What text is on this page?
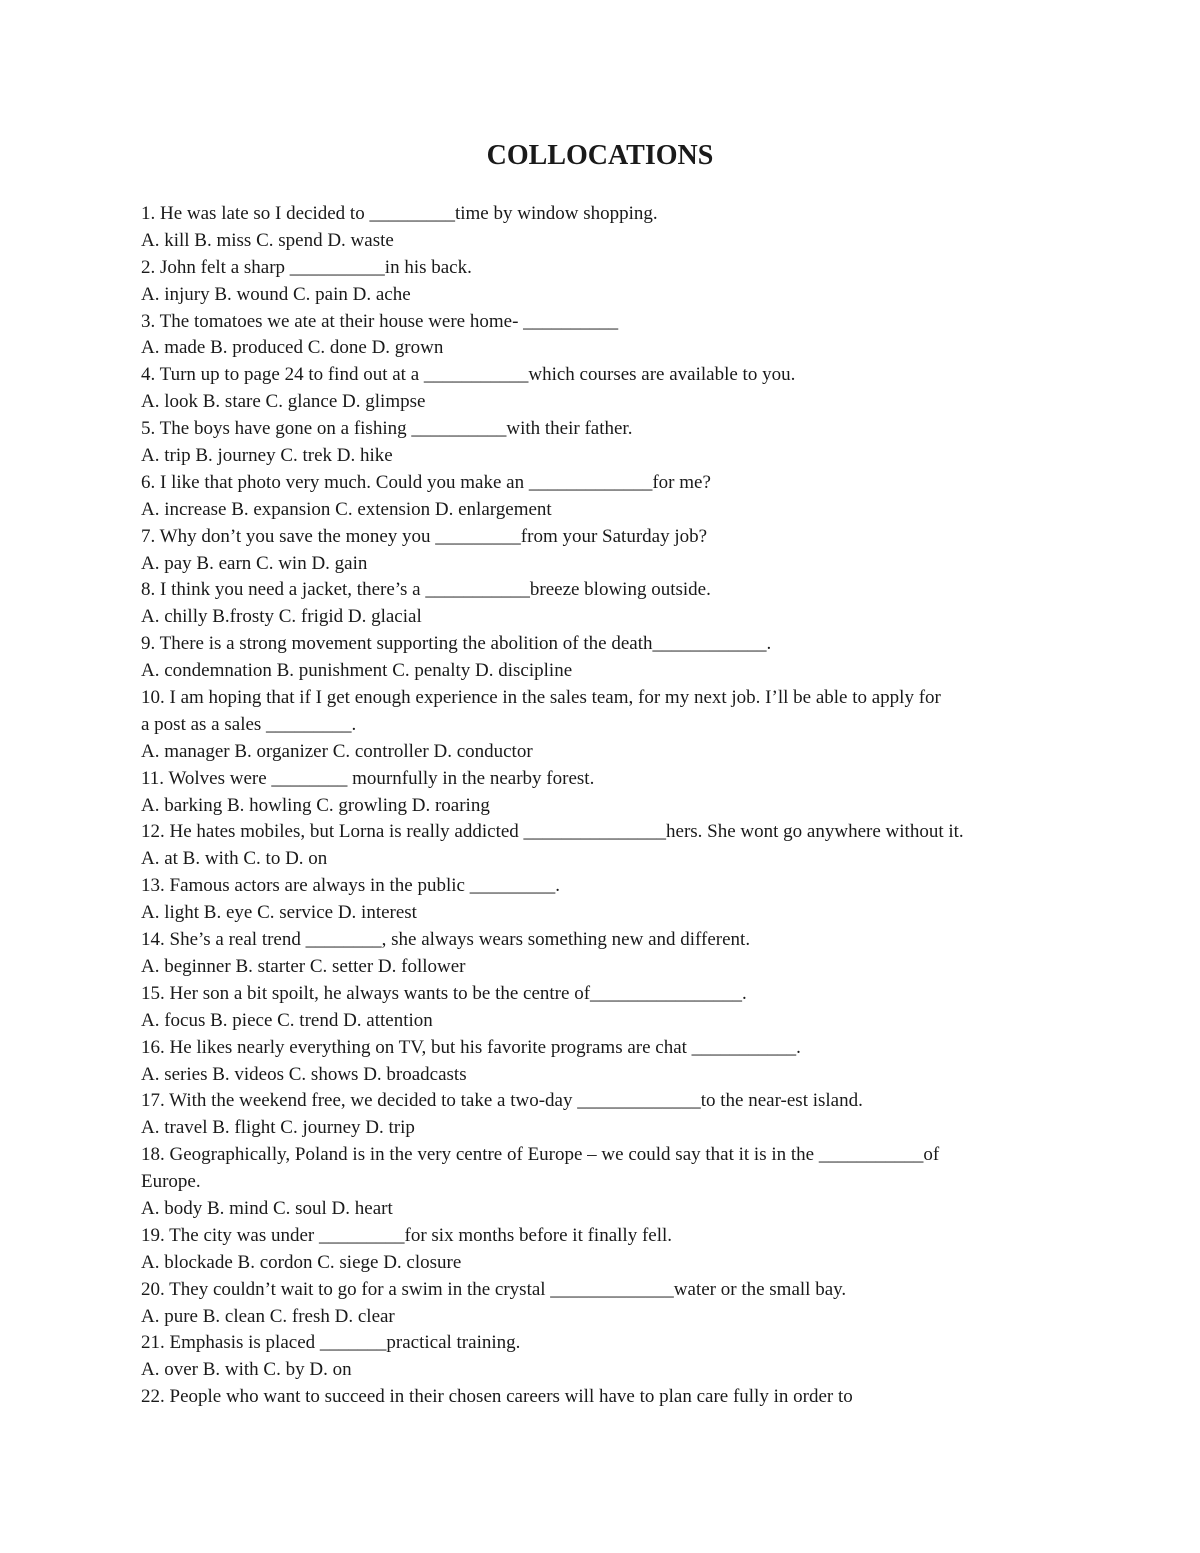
COLLOCATIONS
1. He was late so I decided to _________time by window shopping.
A. kill B. miss C. spend D. waste
2. John felt a sharp __________in his back.
A. injury B. wound C. pain D. ache
3. The tomatoes we ate at their house were home- __________
A. made B. produced C. done D. grown
4. Turn up to page 24 to find out at a ___________which courses are available to you.
A. look B. stare C. glance D. glimpse
5. The boys have gone on a fishing __________with their father.
A. trip B. journey C. trek D. hike
6. I like that photo very much. Could you make an _____________for me?
A. increase B. expansion C. extension D. enlargement
7. Why don’t you save the money you _________from your Saturday job?
A. pay B. earn C. win D. gain
8. I think you need a jacket, there’s a ___________breeze blowing outside.
A. chilly B.frosty C. frigid D. glacial
9. There is a strong movement supporting the abolition of the death____________.
A. condemnation B. punishment C. penalty D. discipline
10. I am hoping that if I get enough experience in the sales team, for my next job. I’ll be able to apply for
a post as a sales _________.
A. manager B. organizer C. controller D. conductor
11. Wolves were ________ mournfully in the nearby forest.
A. barking B. howling C. growling D. roaring
12. He hates mobiles, but Lorna is really addicted _______________hers. She wont go anywhere without it.
A. at B. with C. to D. on
13. Famous actors are always in the public _________.
A. light B. eye C. service D. interest
14. She’s a real trend ________, she always wears something new and different.
A. beginner B. starter C. setter D. follower
15. Her son a bit spoilt, he always wants to be the centre of________________.
A. focus B. piece C. trend D. attention
16. He likes nearly everything on TV, but his favorite programs are chat ___________.
A. series B. videos C. shows D. broadcasts
17. With the weekend free, we decided to take a two-day _____________to the near-est island.
A. travel B. flight C. journey D. trip
18. Geographically, Poland is in the very centre of Europe – we could say that it is in the ___________of
Europe.
A. body B. mind C. soul D. heart
19. The city was under _________for six months before it finally fell.
A. blockade B. cordon C. siege D. closure
20. They couldn’t wait to go for a swim in the crystal _____________water or the small bay.
A. pure B. clean C. fresh D. clear
21. Emphasis is placed _______practical training.
A. over B. with C. by D. on
22. People who want to succeed in their chosen careers will have to plan care fully in order to
